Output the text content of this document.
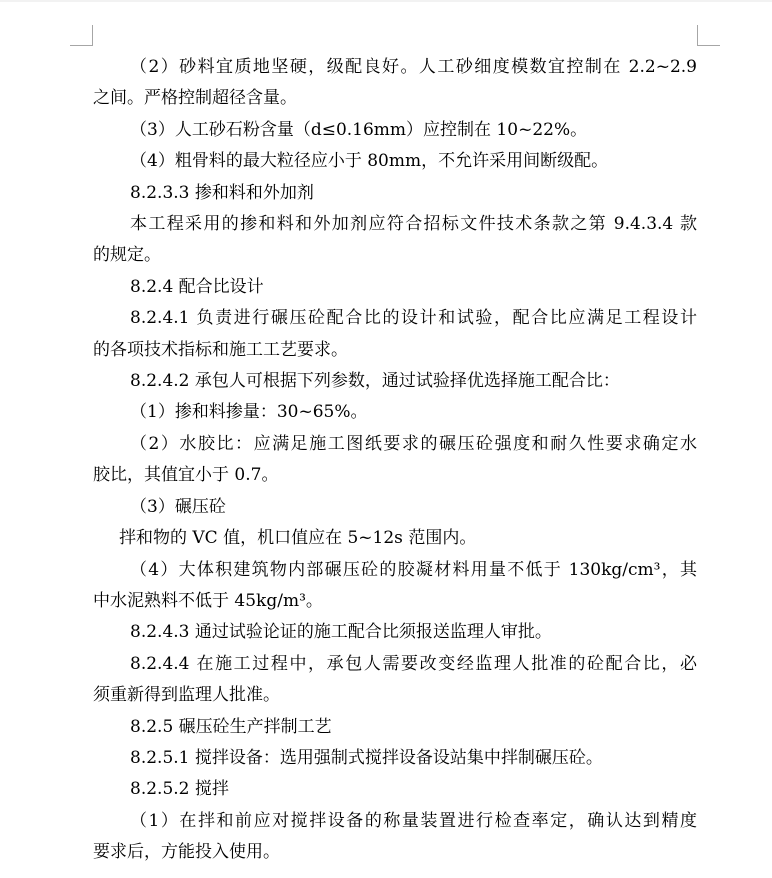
（2）砂料宜质地坚硬，级配良好。人工砂细度模数宜控制在 2.2~2.9

之间。严格控制超径含量。

（3）人工砂石粉含量（d≤0.16mm）应控制在 10~22%。

（4）粗骨料的最大粒径应小于 80mm，不允许采用间断级配。

8.2.3.3 掺和料和外加剂

本工程采用的掺和料和外加剂应符合招标文件技术条款之第 9.4.3.4 款

的规定。

8.2.4 配合比设计

8.2.4.1 负责进行碾压砼配合比的设计和试验，配合比应满足工程设计

的各项技术指标和施工工艺要求。

8.2.4.2 承包人可根据下列参数，通过试验择优选择施工配合比：

（1）掺和料掺量：30~65%。

（2）水胶比：应满足施工图纸要求的碾压砼强度和耐久性要求确定水

胶比，其值宜小于 0.7。

（3）碾压砼

拌和物的 VC 值，机口值应在 5~12s 范围内。

（4）大体积建筑物内部碾压砼的胶凝材料用量不低于 130kg/cm³，其

中水泥熟料不低于 45kg/m³。

8.2.4.3 通过试验论证的施工配合比须报送监理人审批。

8.2.4.4 在施工过程中，承包人需要改变经监理人批准的砼配合比，必

须重新得到监理人批准。

8.2.5 碾压砼生产拌制工艺

8.2.5.1 搅拌设备：选用强制式搅拌设备设站集中拌制碾压砼。

8.2.5.2 搅拌

（1）在拌和前应对搅拌设备的称量装置进行检查率定，确认达到精度

要求后，方能投入使用。
